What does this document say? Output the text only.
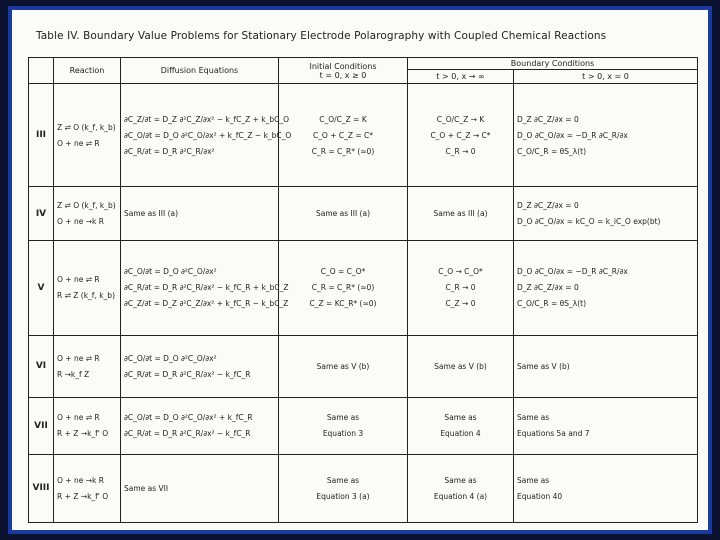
Table IV. Boundary Value Problems for Stationary Electrode Polarography with Coupled Chemical Reactions
	Reaction	Diffusion Equations	Initial Conditions
t = 0, x ≥ 0	Boundary Conditions	
				t > 0, x → ∞	t > 0, x = 0
III	Z ⇌ O (k_f, k_b)
O + ne ⇌ R	∂C_Z/∂t = D_Z ∂²C_Z/∂x² − k_fC_Z + k_bC_O
∂C_O/∂t = D_O ∂²C_O/∂x² + k_fC_Z − k_bC_O
∂C_R/∂t = D_R ∂²C_R/∂x²	C_O/C_Z = K
C_O + C_Z = C*
C_R = C_R* (≈0)	C_O/C_Z → K
C_O + C_Z → C*
C_R → 0	D_Z ∂C_Z/∂x = 0
D_O ∂C_O/∂x = −D_R ∂C_R/∂x
C_O/C_R = θS_λ(t)

IV	Z ⇌ O (k_f, k_b)
O + ne →k R	Same as III (a)	Same as III (a)	Same as III (a)	D_Z ∂C_Z/∂x = 0
D_O ∂C_O/∂x = kC_O = k_iC_O exp(bt)

V	O + ne ⇌ R
R ⇌ Z (k_f, k_b)	∂C_O/∂t = D_O ∂²C_O/∂x²
∂C_R/∂t = D_R ∂²C_R/∂x² − k_fC_R + k_bC_Z
∂C_Z/∂t = D_Z ∂²C_Z/∂x² + k_fC_R − k_bC_Z	C_O = C_O*
C_R = C_R* (≈0)
C_Z = KC_R* (≈0)	C_O → C_O*
C_R → 0
C_Z → 0	D_O ∂C_O/∂x = −D_R ∂C_R/∂x
D_Z ∂C_Z/∂x = 0
C_O/C_R = θS_λ(t)

VI	O + ne ⇌ R
R →k_f Z	∂C_O/∂t = D_O ∂²C_O/∂x²
∂C_R/∂t = D_R ∂²C_R/∂x² − k_fC_R	Same as V (b)	Same as V (b)	Same as V (b)

VII	O + ne ⇌ R
R + Z →k_f' O	∂C_O/∂t = D_O ∂²C_O/∂x² + k_fC_R
∂C_R/∂t = D_R ∂²C_R/∂x² − k_fC_R	Same as
Equation 3	Same as
Equation 4	Same as
Equations 5a and 7

VIII	O + ne →k R
R + Z →k_f' O	Same as VII	Same as
Equation 3 (a)	Same as
Equation 4 (a)	Same as
Equation 40
